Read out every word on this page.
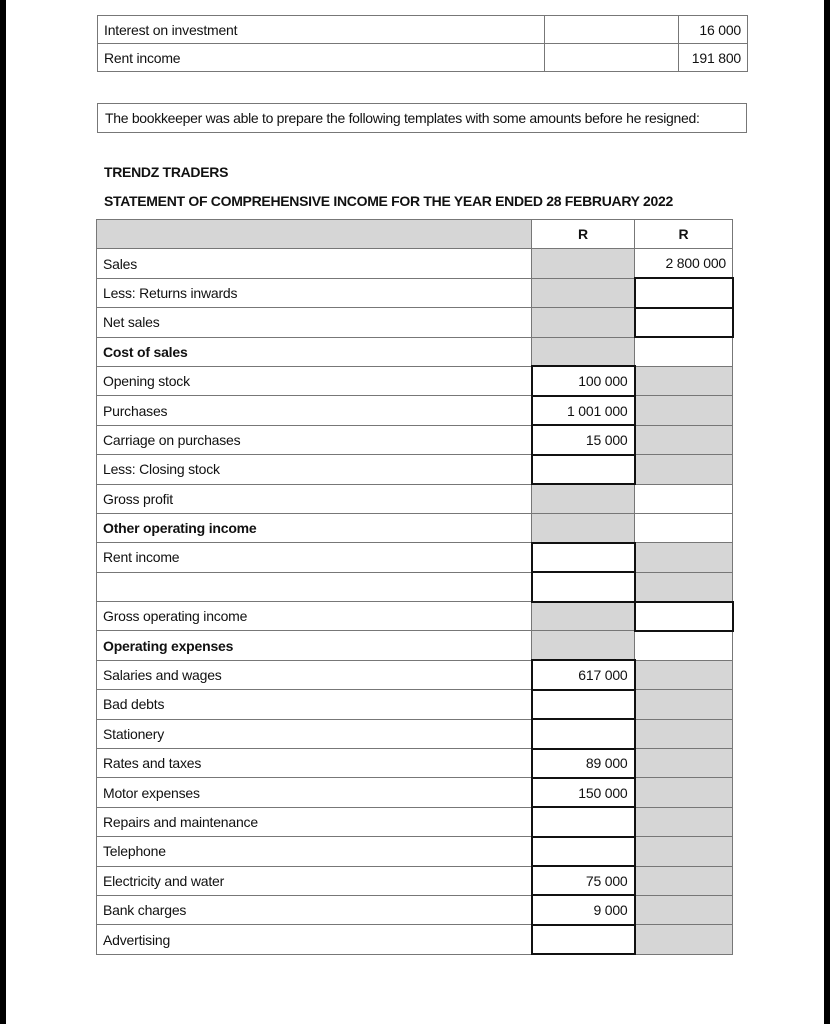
Interest on investment		16 000
Rent income		191 800
The bookkeeper was able to prepare the following templates with some amounts before he resigned:
TRENDZ TRADERS
STATEMENT OF COMPREHENSIVE INCOME FOR THE YEAR ENDED 28 FEBRUARY 2022
	R	R
Sales		2 800 000
Less: Returns inwards		
Net sales		
Cost of sales		
Opening stock	100 000	
Purchases	1 001 000	
Carriage on purchases	15 000	
Less: Closing stock		
Gross profit		
Other operating income		
Rent income		

Gross operating income		
Operating expenses		
Salaries and wages	617 000	
Bad debts		
Stationery		
Rates and taxes	89 000	
Motor expenses	150 000	
Repairs and maintenance		
Telephone		
Electricity and water	75 000	
Bank charges	9 000	
Advertising		
